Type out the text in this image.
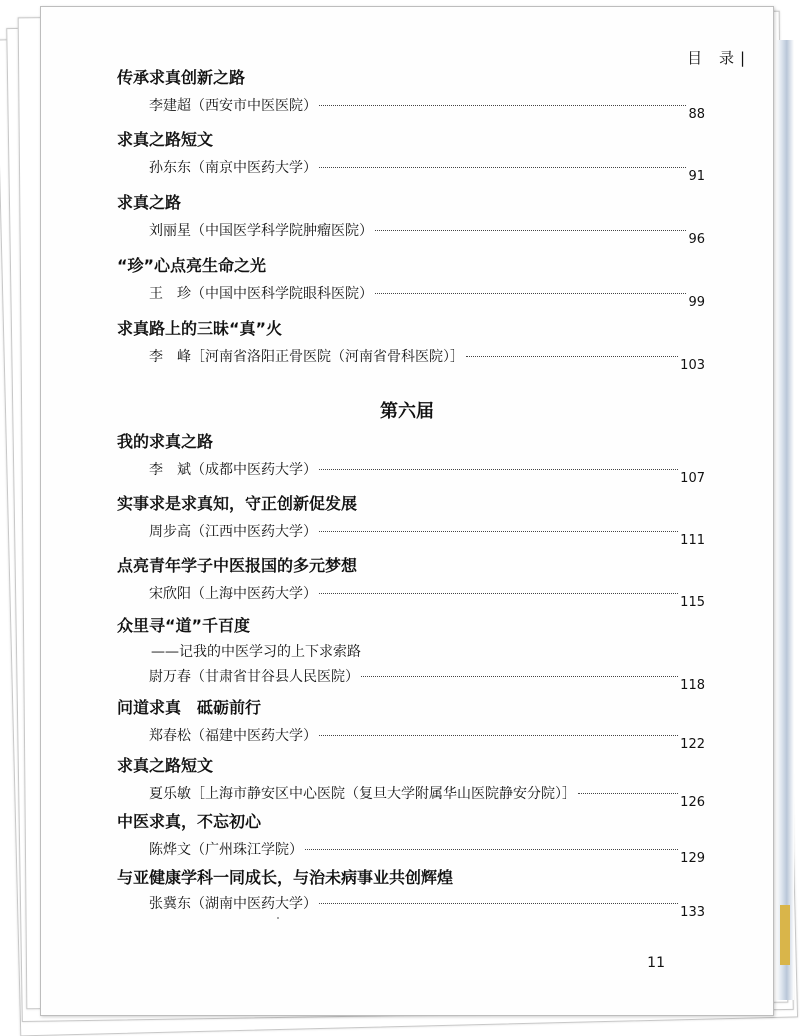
目 录|
传承求真创新之路
李建超（西安市中医医院）
88
求真之路短文
孙东东（南京中医药大学）
91
求真之路
刘丽星（中国医学科学院肿瘤医院）
96
“珍”心点亮生命之光
王　珍（中国中医科学院眼科医院）
99
求真路上的三昧“真”火
李　峰［河南省洛阳正骨医院（河南省骨科医院）］
103
第六届
我的求真之路
李　斌（成都中医药大学）
107
实事求是求真知，守正创新促发展
周步高（江西中医药大学）
111
点亮青年学子中医报国的多元梦想
宋欣阳（上海中医药大学）
115
众里寻“道”千百度
——记我的中医学习的上下求索路
尉万春（甘肃省甘谷县人民医院）
118
问道求真　砥砺前行
郑春松（福建中医药大学）
122
求真之路短文
夏乐敏［上海市静安区中心医院（复旦大学附属华山医院静安分院）］
126
中医求真，不忘初心
陈烨文（广州珠江学院）
129
与亚健康学科一同成长，与治未病事业共创辉煌
张冀东（湖南中医药大学）
133
11
